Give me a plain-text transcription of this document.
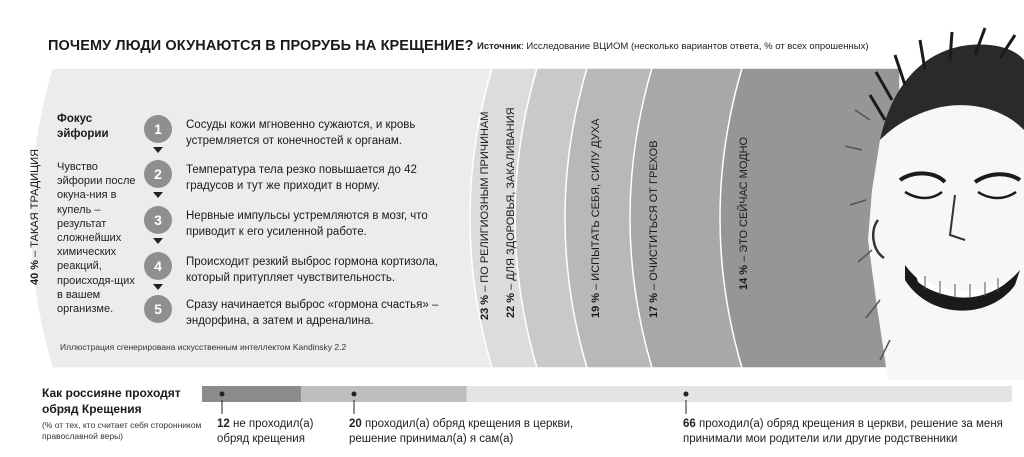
ПОЧЕМУ ЛЮДИ ОКУНАЮТСЯ В ПРОРУБЬ НА КРЕЩЕНИЕ? Источник: Исследование ВЦИОМ (несколько вариантов ответа, % от всех опрошенных)
40 % – ТАКАЯ ТРАДИЦИЯ
23 % – ПО РЕЛИГИОЗНЫМ ПРИЧИНАМ
22 % – ДЛЯ ЗДОРОВЬЯ, ЗАКАЛИВАНИЯ
19 % – ИСПЫТАТЬ СЕБЯ, СИЛУ ДУХА
17 % – ОЧИСТИТЬСЯ ОТ ГРЕХОВ	14 % – ЭТО СЕЙЧАС МОДНО
Фокус эйфории
Чувство эйфории после окуна-ния в купель – результат сложнейших химических реакций, происходя-щих в вашем организме.
1	Сосуды кожи мгновенно сужаются, и кровь устремляется от конечностей к органам.
2	Температура тела резко повышается до 42 градусов и тут же приходит в норму.
3	Нервные импульсы устремляются в мозг, что приводит к его усиленной работе.
4	Происходит резкий выброс гормона кортизола, который притупляет чувствительность.
5	Сразу начинается выброс «гормона счастья» – эндорфина, а затем и адреналина.
Иллюстрация сгенерирована искусственным интеллектом Kandinsky 2.2
Как россияне проходят обряд Крещения
(% от тех, кто считает себя сторонником православной веры)
12 не проходил(а)
обряд крещения
20 проходил(а) обряд крещения в церкви,
решение принимал(а) я сам(а)
66 проходил(а) обряд крещения в церкви, решение за меня
принимали мои родители или другие родственники
